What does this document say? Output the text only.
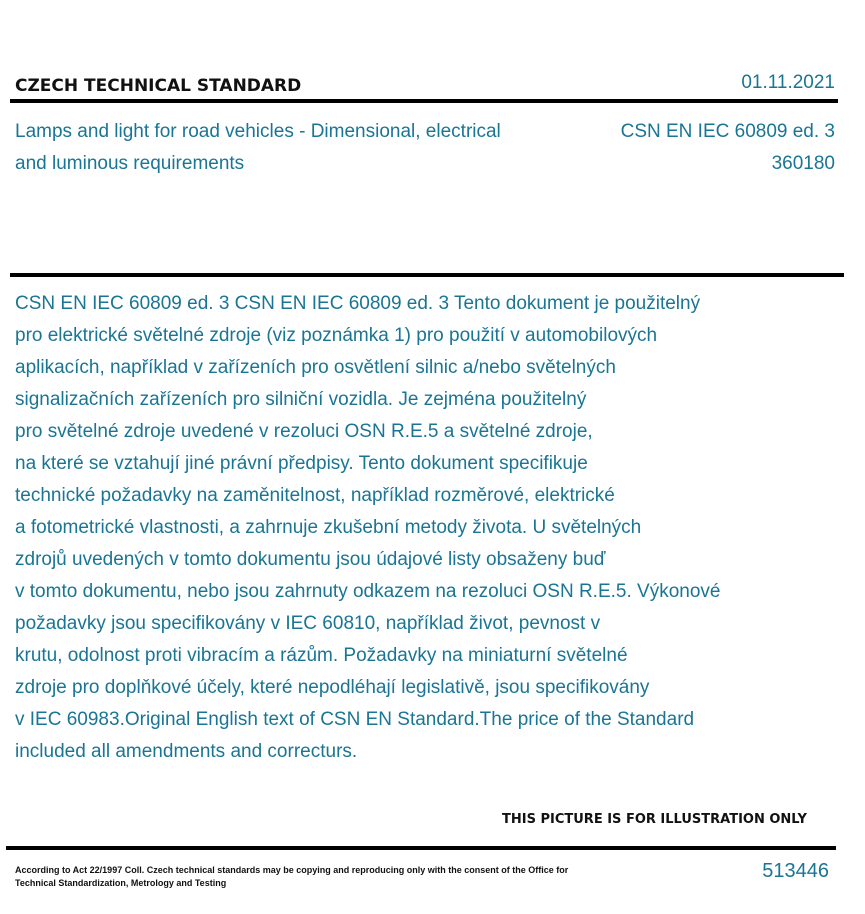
CZECH TECHNICAL STANDARD	01.11.2021
Lamps and light for road vehicles - Dimensional, electrical and luminous requirements
CSN EN IEC 60809 ed. 3
360180
CSN EN IEC 60809 ed. 3 CSN EN IEC 60809 ed. 3 Tento dokument je použitelný
pro elektrické světelné zdroje (viz poznámka 1) pro použití v automobilových
aplikacích, například v zařízeních pro osvětlení silnic a/nebo světelných
signalizačních zařízeních pro silniční vozidla. Je zejména použitelný
pro světelné zdroje uvedené v rezoluci OSN R.E.5 a světelné zdroje,
na které se vztahují jiné právní předpisy. Tento dokument specifikuje
technické požadavky na zaměnitelnost, například rozměrové, elektrické
a fotometrické vlastnosti, a zahrnuje zkušební metody života. U světelných
zdrojů uvedených v tomto dokumentu jsou údajové listy obsaženy buď
v tomto dokumentu, nebo jsou zahrnuty odkazem na rezoluci OSN R.E.5. Výkonové
požadavky jsou specifikovány v IEC 60810, například život, pevnost v
krutu, odolnost proti vibracím a rázům. Požadavky na miniaturní světelné
zdroje pro doplňkové účely, které nepodléhají legislativě, jsou specifikovány
v IEC 60983.Original English text of CSN EN Standard.The price of the Standard
included all amendments and correcturs.
THIS PICTURE IS FOR ILLUSTRATION ONLY
According to Act 22/1997 Coll. Czech technical standards may be copying and reproducing only with the consent of the Office for Technical Standardization, Metrology and Testing
513446
